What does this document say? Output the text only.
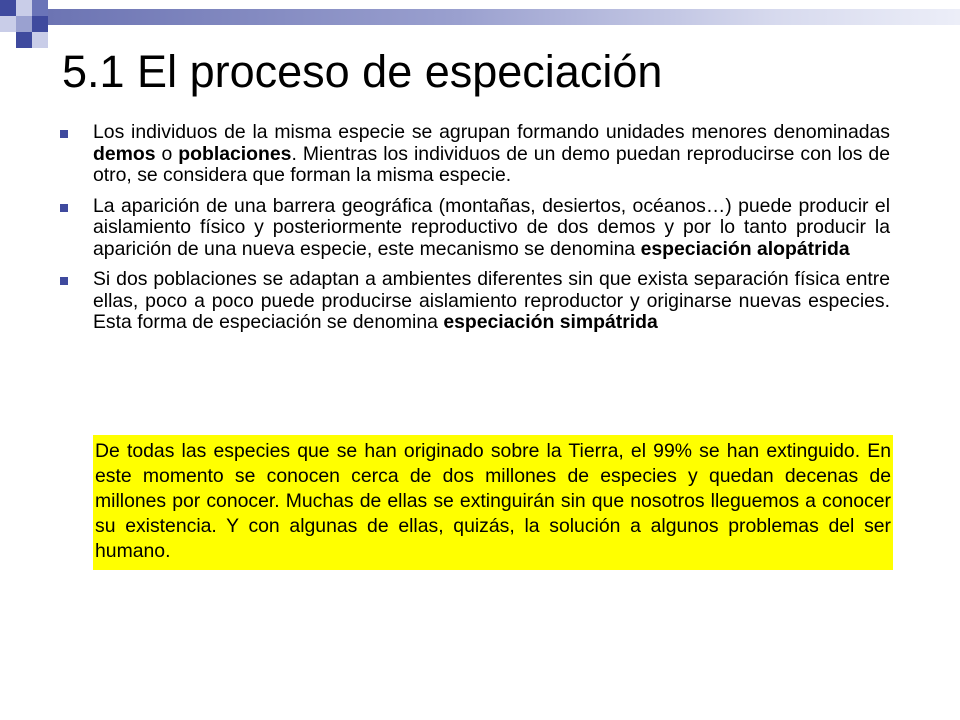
5.1 El proceso de especiación
Los individuos de la misma especie se agrupan formando unidades menores denominadas demos o poblaciones. Mientras los individuos de un demo puedan reproducirse con los de otro, se considera que forman la misma especie.
La aparición de una barrera geográfica (montañas, desiertos, océanos…) puede producir el aislamiento físico y posteriormente reproductivo de dos demos y por lo tanto producir la aparición de una nueva especie, este mecanismo se denomina especiación alopátrida
Si dos poblaciones se adaptan a ambientes diferentes sin que exista separación física entre ellas, poco a poco puede producirse aislamiento reproductor y originarse nuevas especies. Esta forma de especiación se denomina especiación simpátrida
De todas las especies que se han originado sobre la Tierra, el 99% se han extinguido. En este momento se conocen cerca de dos millones de especies y quedan decenas de millones por conocer. Muchas de ellas se extinguirán sin que nosotros lleguemos a conocer su existencia. Y con algunas de ellas, quizás, la solución a algunos problemas del ser humano.
